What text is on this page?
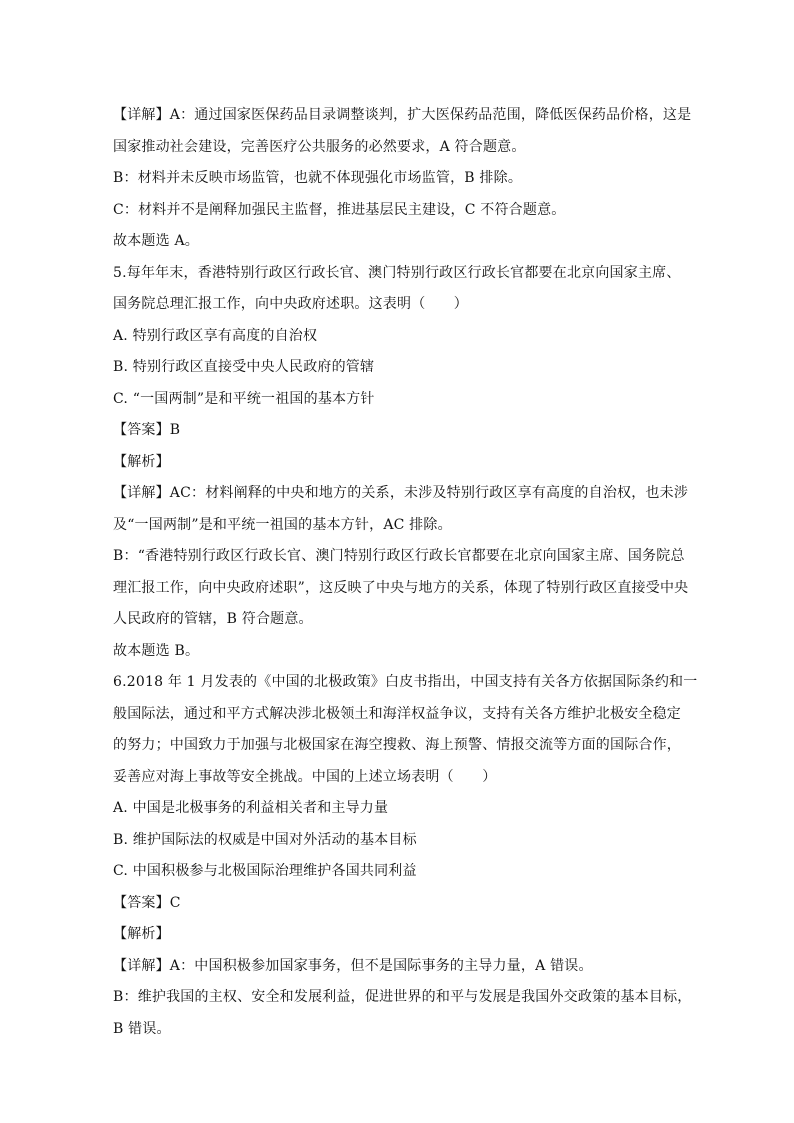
【详解】A：通过国家医保药品目录调整谈判，扩大医保药品范围，降低医保药品价格，这是
国家推动社会建设，完善医疗公共服务的必然要求，A 符合题意。
B：材料并未反映市场监管，也就不体现强化市场监管，B 排除。
C：材料并不是阐释加强民主监督，推进基层民主建设，C 不符合题意。
故本题选 A。
5.每年年末，香港特别行政区行政长官、澳门特别行政区行政长官都要在北京向国家主席、
国务院总理汇报工作，向中央政府述职。这表明（　　）
A. 特别行政区享有高度的自治权
B. 特别行政区直接受中央人民政府的管辖
C. “一国两制”是和平统一祖国的基本方针
【答案】B
【解析】
【详解】AC：材料阐释的中央和地方的关系，未涉及特别行政区享有高度的自治权，也未涉
及“一国两制”是和平统一祖国的基本方针，AC 排除。
B：“香港特别行政区行政长官、澳门特别行政区行政长官都要在北京向国家主席、国务院总
理汇报工作，向中央政府述职”，这反映了中央与地方的关系，体现了特别行政区直接受中央
人民政府的管辖，B 符合题意。
故本题选 B。
6.2018 年 1 月发表的《中国的北极政策》白皮书指出，中国支持有关各方依据国际条约和一
般国际法，通过和平方式解决涉北极领土和海洋权益争议，支持有关各方维护北极安全稳定
的努力；中国致力于加强与北极国家在海空搜救、海上预警、情报交流等方面的国际合作，
妥善应对海上事故等安全挑战。中国的上述立场表明（　　）
A. 中国是北极事务的利益相关者和主导力量
B. 维护国际法的权威是中国对外活动的基本目标
C. 中国积极参与北极国际治理维护各国共同利益
【答案】C
【解析】
【详解】A：中国积极参加国家事务，但不是国际事务的主导力量，A 错误。
B：维护我国的主权、安全和发展利益，促进世界的和平与发展是我国外交政策的基本目标，
B 错误。
